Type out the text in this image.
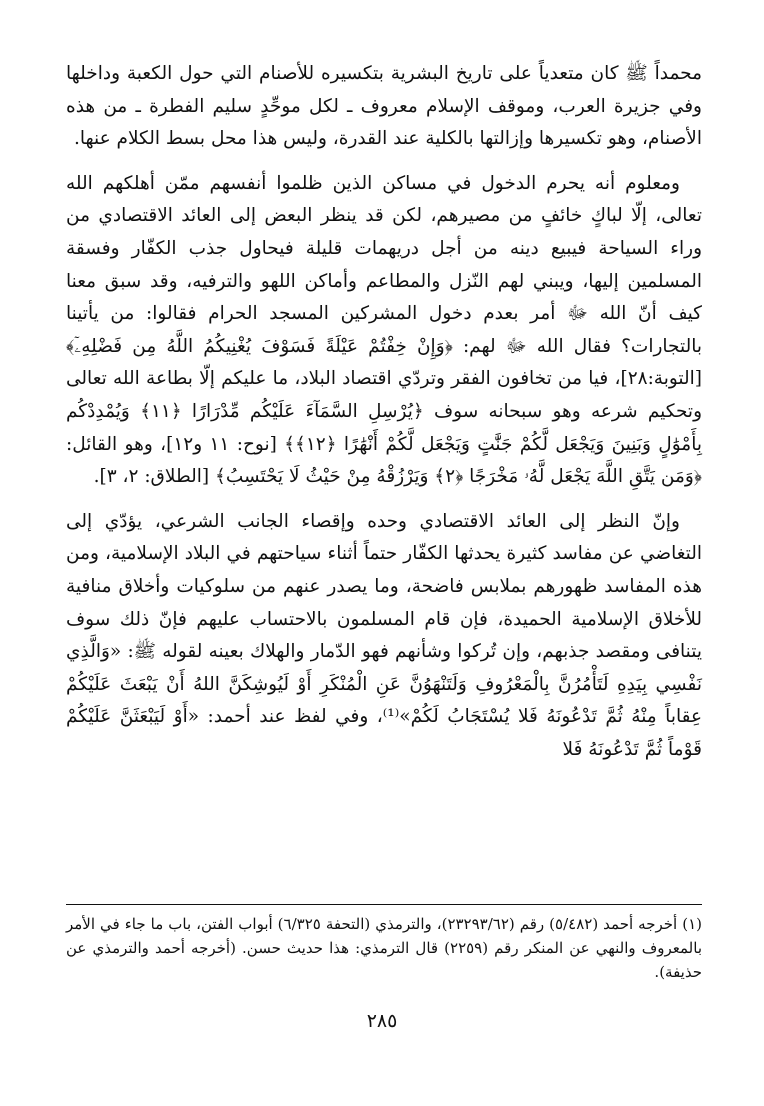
محمداً ﷺ كان متعدياً على تاريخ البشرية بتكسيره للأصنام التي حول الكعبة وداخلها وفي جزيرة العرب، وموقف الإسلام معروف ـ لكل موحِّدٍ سليم الفطرة ـ من هذه الأصنام، وهو تكسيرها وإزالتها بالكلية عند القدرة، وليس هذا محل بسط الكلام عنها.

ومعلوم أنه يحرم الدخول في مساكن الذين ظلموا أنفسهم ممّن أهلكهم الله تعالى، إلّا لباكٍ خائفٍ من مصيرهم، لكن قد ينظر البعض إلى العائد الاقتصادي من وراء السياحة فيبيع دينه من أجل دريهمات قليلة فيحاول جذب الكفّار وفسقة المسلمين إليها، ويبني لهم النّزل والمطاعم وأماكن اللهو والترفيه، وقد سبق معنا كيف أنّ الله ﷻ أمر بعدم دخول المشركين المسجد الحرام فقالوا: من يأتينا بالتجارات؟ فقال الله ﷻ لهم: ﴿وَإِنْ خِفْتُمْ عَيْلَةً فَسَوْفَ يُغْنِيكُمُ اللَّهُ مِن فَضْلِهِۦٓ﴾ [التوبة:٢٨]، فيا من تخافون الفقر وتردّي اقتصاد البلاد، ما عليكم إلّا بطاعة الله تعالى وتحكيم شرعه وهو سبحانه سوف ﴿يُرْسِلِ السَّمَآءَ عَلَيْكُم مِّدْرَارًا ﴿١١﴾ وَيُمْدِدْكُم بِأَمْوَٰلٍ وَبَنِينَ وَيَجْعَل لَّكُمْ جَنَّٰتٍ وَيَجْعَل لَّكُمْ أَنْهَٰرًا ﴿١٢﴾﴾ [نوح: ١١ و١٢]، وهو القائل: ﴿وَمَن يَتَّقِ اللَّهَ يَجْعَل لَّهُۥ مَخْرَجًا ﴿٢﴾ وَيَرْزُقْهُ مِنْ حَيْثُ لَا يَحْتَسِبُ﴾ [الطلاق: ٢، ٣].

وإنّ النظر إلى العائد الاقتصادي وحده وإقصاء الجانب الشرعي، يؤدّي إلى التغاضي عن مفاسد كثيرة يحدثها الكفّار حتماً أثناء سياحتهم في البلاد الإسلامية، ومن هذه المفاسد ظهورهم بملابس فاضحة، وما يصدر عنهم من سلوكيات وأخلاق منافية للأخلاق الإسلامية الحميدة، فإن قام المسلمون بالاحتساب عليهم فإنّ ذلك سوف يتنافى ومقصد جذبهم، وإن تُركوا وشأنهم فهو الدّمار والهلاك بعينه لقوله ﷺ: «وَالَّذِي نَفْسِي بِيَدِهِ لَتَأْمُرُنَّ بِالْمَعْرُوفِ وَلَتَنْهَوُنَّ عَنِ الْمُنْكَرِ أَوْ لَيُوشِكَنَّ اللهُ أَنْ يَبْعَثَ عَلَيْكُمْ عِقاباً مِنْهُ ثُمَّ تَدْعُونَهُ فَلا يُسْتَجَابُ لَكُمْ»⁽¹⁾، وفي لفظ عند أحمد: «أَوْ لَيَبْعَثَنَّ عَلَيْكُمْ قَوْماً ثُمَّ تَدْعُونَهُ فَلا

(١) أخرجه أحمد (٥/٤٨٢) رقم (٢٣٢٩٣/٦٢)، والترمذي (التحفة ٦/٣٢٥) أبواب الفتن، باب ما جاء في الأمر بالمعروف والنهي عن المنكر رقم (٢٢٥٩) قال الترمذي: هذا حديث حسن. (أخرجه أحمد والترمذي عن حذيفة).

٢٨٥
